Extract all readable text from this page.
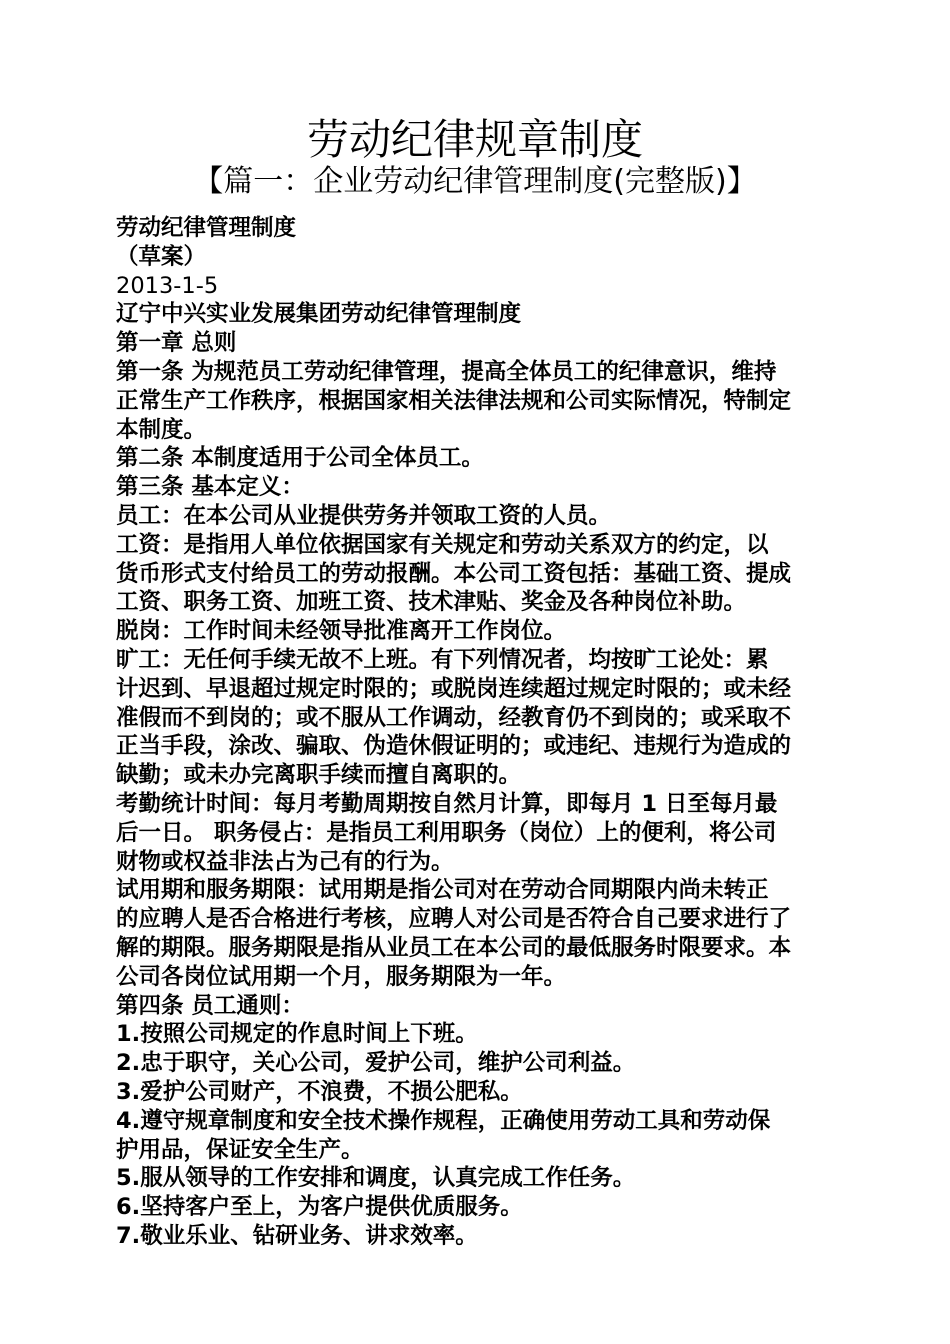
劳动纪律规章制度
【篇一：企业劳动纪律管理制度(完整版)】
劳动纪律管理制度
（草案）
2013-1-5
辽宁中兴实业发展集团劳动纪律管理制度
第一章 总则
第一条 为规范员工劳动纪律管理，提高全体员工的纪律意识，维持
正常生产工作秩序，根据国家相关法律法规和公司实际情况，特制定
本制度。
第二条 本制度适用于公司全体员工。
第三条 基本定义：
员工：在本公司从业提供劳务并领取工资的人员。
工资：是指用人单位依据国家有关规定和劳动关系双方的约定，以
货币形式支付给员工的劳动报酬。本公司工资包括：基础工资、提成
工资、职务工资、加班工资、技术津贴、奖金及各种岗位补助。
脱岗：工作时间未经领导批准离开工作岗位。
旷工：无任何手续无故不上班。有下列情况者，均按旷工论处：累
计迟到、早退超过规定时限的；或脱岗连续超过规定时限的；或未经
准假而不到岗的；或不服从工作调动，经教育仍不到岗的；或采取不
正当手段，涂改、骗取、伪造休假证明的；或违纪、违规行为造成的
缺勤；或未办完离职手续而擅自离职的。
考勤统计时间：每月考勤周期按自然月计算，即每月 1 日至每月最
后一日。 职务侵占：是指员工利用职务（岗位）上的便利，将公司
财物或权益非法占为己有的行为。
试用期和服务期限：试用期是指公司对在劳动合同期限内尚未转正
的应聘人是否合格进行考核，应聘人对公司是否符合自己要求进行了
解的期限。服务期限是指从业员工在本公司的最低服务时限要求。本
公司各岗位试用期一个月，服务期限为一年。
第四条 员工通则：
1.按照公司规定的作息时间上下班。
2.忠于职守，关心公司，爱护公司，维护公司利益。
3.爱护公司财产，不浪费，不损公肥私。
4.遵守规章制度和安全技术操作规程，正确使用劳动工具和劳动保
护用品，保证安全生产。
5.服从领导的工作安排和调度，认真完成工作任务。
6.坚持客户至上，为客户提供优质服务。
7.敬业乐业、钻研业务、讲求效率。
